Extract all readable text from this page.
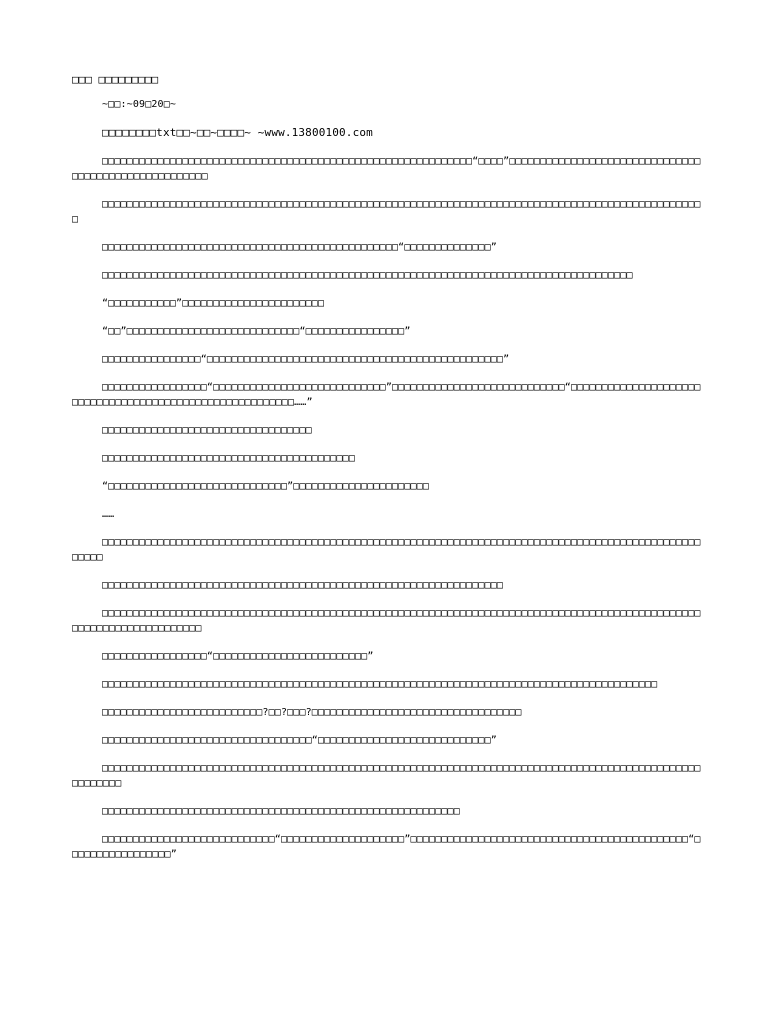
□□□ □□□□□□□□□

~□□:~09□20□~

□□□□□□□□txt□□~□□~□□□□~ ~www.13800100.com

□□□□□□□□□□□□□□□□□□□□□□□□□□□□□□□□□□□□□□□□□□□□□□□□□□□□□□□□□□□□“□□□□”□□□□□□□□□□□□□□□□□□□□□□□□□□□□□□□□□□□□□□□□□□□□□□□□□□□□□

□□□□□□□□□□□□□□□□□□□□□□□□□□□□□□□□□□□□□□□□□□□□□□□□□□□□□□□□□□□□□□□□□□□□□□□□□□□□□□□□□□□□□□□□□□□□□□□□□□

□□□□□□□□□□□□□□□□□□□□□□□□□□□□□□□□□□□□□□□□□□□□□□□□“□□□□□□□□□□□□□□”

□□□□□□□□□□□□□□□□□□□□□□□□□□□□□□□□□□□□□□□□□□□□□□□□□□□□□□□□□□□□□□□□□□□□□□□□□□□□□□□□□□□□□□

“□□□□□□□□□□□”□□□□□□□□□□□□□□□□□□□□□□□

“□□”□□□□□□□□□□□□□□□□□□□□□□□□□□□□“□□□□□□□□□□□□□□□□”

□□□□□□□□□□□□□□□□“□□□□□□□□□□□□□□□□□□□□□□□□□□□□□□□□□□□□□□□□□□□□□□□□”

□□□□□□□□□□□□□□□□□“□□□□□□□□□□□□□□□□□□□□□□□□□□□□”□□□□□□□□□□□□□□□□□□□□□□□□□□□□“□□□□□□□□□□□□□□□□□□□□□□□□□□□□□□□□□□□□□□□□□□□□□□□□□□□□□□□□□……”

□□□□□□□□□□□□□□□□□□□□□□□□□□□□□□□□□□

□□□□□□□□□□□□□□□□□□□□□□□□□□□□□□□□□□□□□□□□□

“□□□□□□□□□□□□□□□□□□□□□□□□□□□□□”□□□□□□□□□□□□□□□□□□□□□□

……

□□□□□□□□□□□□□□□□□□□□□□□□□□□□□□□□□□□□□□□□□□□□□□□□□□□□□□□□□□□□□□□□□□□□□□□□□□□□□□□□□□□□□□□□□□□□□□□□□□□□□□

□□□□□□□□□□□□□□□□□□□□□□□□□□□□□□□□□□□□□□□□□□□□□□□□□□□□□□□□□□□□□□□□□

□□□□□□□□□□□□□□□□□□□□□□□□□□□□□□□□□□□□□□□□□□□□□□□□□□□□□□□□□□□□□□□□□□□□□□□□□□□□□□□□□□□□□□□□□□□□□□□□□□□□□□□□□□□□□□□□□□□□□□

□□□□□□□□□□□□□□□□□“□□□□□□□□□□□□□□□□□□□□□□□□□”

□□□□□□□□□□□□□□□□□□□□□□□□□□□□□□□□□□□□□□□□□□□□□□□□□□□□□□□□□□□□□□□□□□□□□□□□□□□□□□□□□□□□□□□□□□

□□□□□□□□□□□□□□□□□□□□□□□□□□?□□?□□□?□□□□□□□□□□□□□□□□□□□□□□□□□□□□□□□□□□

□□□□□□□□□□□□□□□□□□□□□□□□□□□□□□□□□□“□□□□□□□□□□□□□□□□□□□□□□□□□□□□”

□□□□□□□□□□□□□□□□□□□□□□□□□□□□□□□□□□□□□□□□□□□□□□□□□□□□□□□□□□□□□□□□□□□□□□□□□□□□□□□□□□□□□□□□□□□□□□□□□□□□□□□□□

□□□□□□□□□□□□□□□□□□□□□□□□□□□□□□□□□□□□□□□□□□□□□□□□□□□□□□□□□□

□□□□□□□□□□□□□□□□□□□□□□□□□□□□“□□□□□□□□□□□□□□□□□□□□”□□□□□□□□□□□□□□□□□□□□□□□□□□□□□□□□□□□□□□□□□□□□□“□□□□□□□□□□□□□□□□□”
